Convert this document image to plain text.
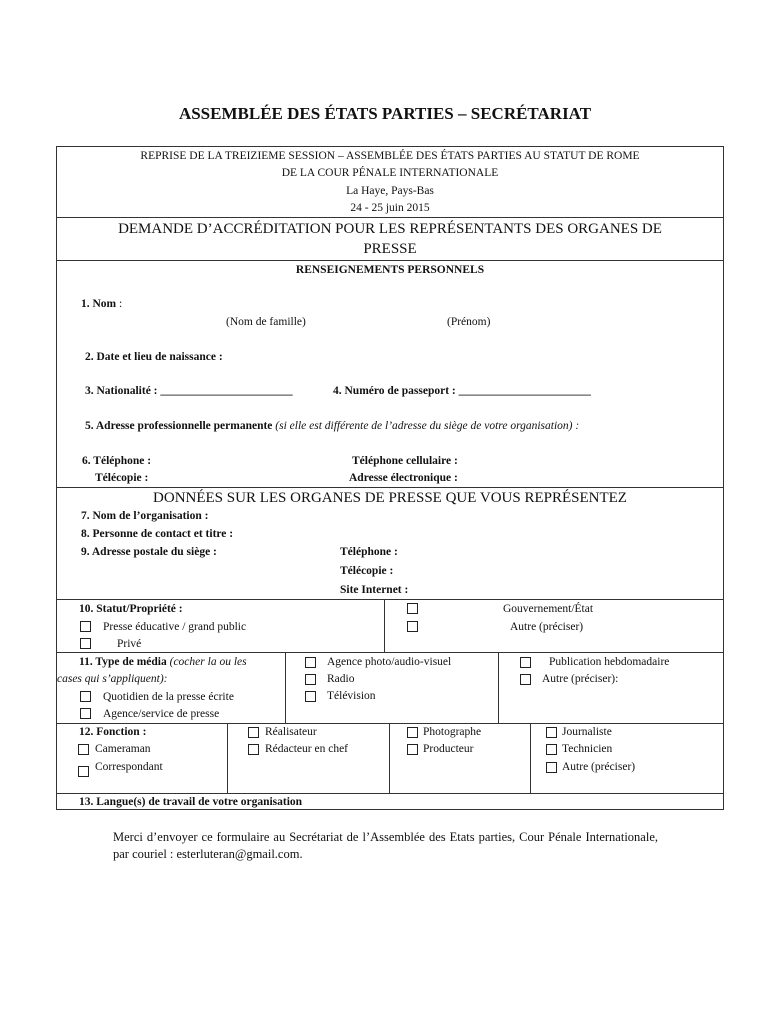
ASSEMBLÉE DES ÉTATS PARTIES – SECRÉTARIAT
REPRISE DE LA TREIZIEME SESSION – ASSEMBLÉE DES ÉTATS PARTIES AU STATUT DE ROME
DE LA COUR PÉNALE INTERNATIONALE
La Haye, Pays-Bas
24 - 25 juin 2015
DEMANDE D’ACCRÉDITATION POUR LES REPRÉSENTANTS DES ORGANES DE
PRESSE
RENSEIGNEMENTS PERSONNELS
1. Nom :
(Nom de famille)	(Prénom)
2. Date et lieu de naissance :
3. Nationalité : _______________________	4. Numéro de passeport : _______________________
5. Adresse professionnelle permanente (si elle est différente de l’adresse du siège de votre organisation) :
6. Téléphone :
Télécopie :
Téléphone cellulaire :
Adresse électronique :
DONNÉES SUR LES ORGANES DE PRESSE QUE VOUS REPRÉSENTEZ
7. Nom de l’organisation :
8. Personne de contact et titre :
9. Adresse postale du siège :	Téléphone :
Télécopie :
Site Internet :
10. Statut/Propriété :
Presse éducative / grand public
Privé
Gouvernement/État
Autre (préciser)
11. Type de média (cocher la ou les
cases qui s’appliquent):
Quotidien de la presse écrite
Agence/service de presse
Agence photo/audio-visuel
Radio
Télévision
Publication hebdomadaire
Autre (préciser):
12. Fonction :
Cameraman
Correspondant
Réalisateur
Rédacteur en chef
Photographe
Producteur
Journaliste
Technicien
Autre (préciser)
13. Langue(s) de travail de votre organisation
Merci d’envoyer ce formulaire au Secrétariat de l’Assemblée des Etats parties, Cour Pénale Internationale, par couriel : esterluteran@gmail.com.
